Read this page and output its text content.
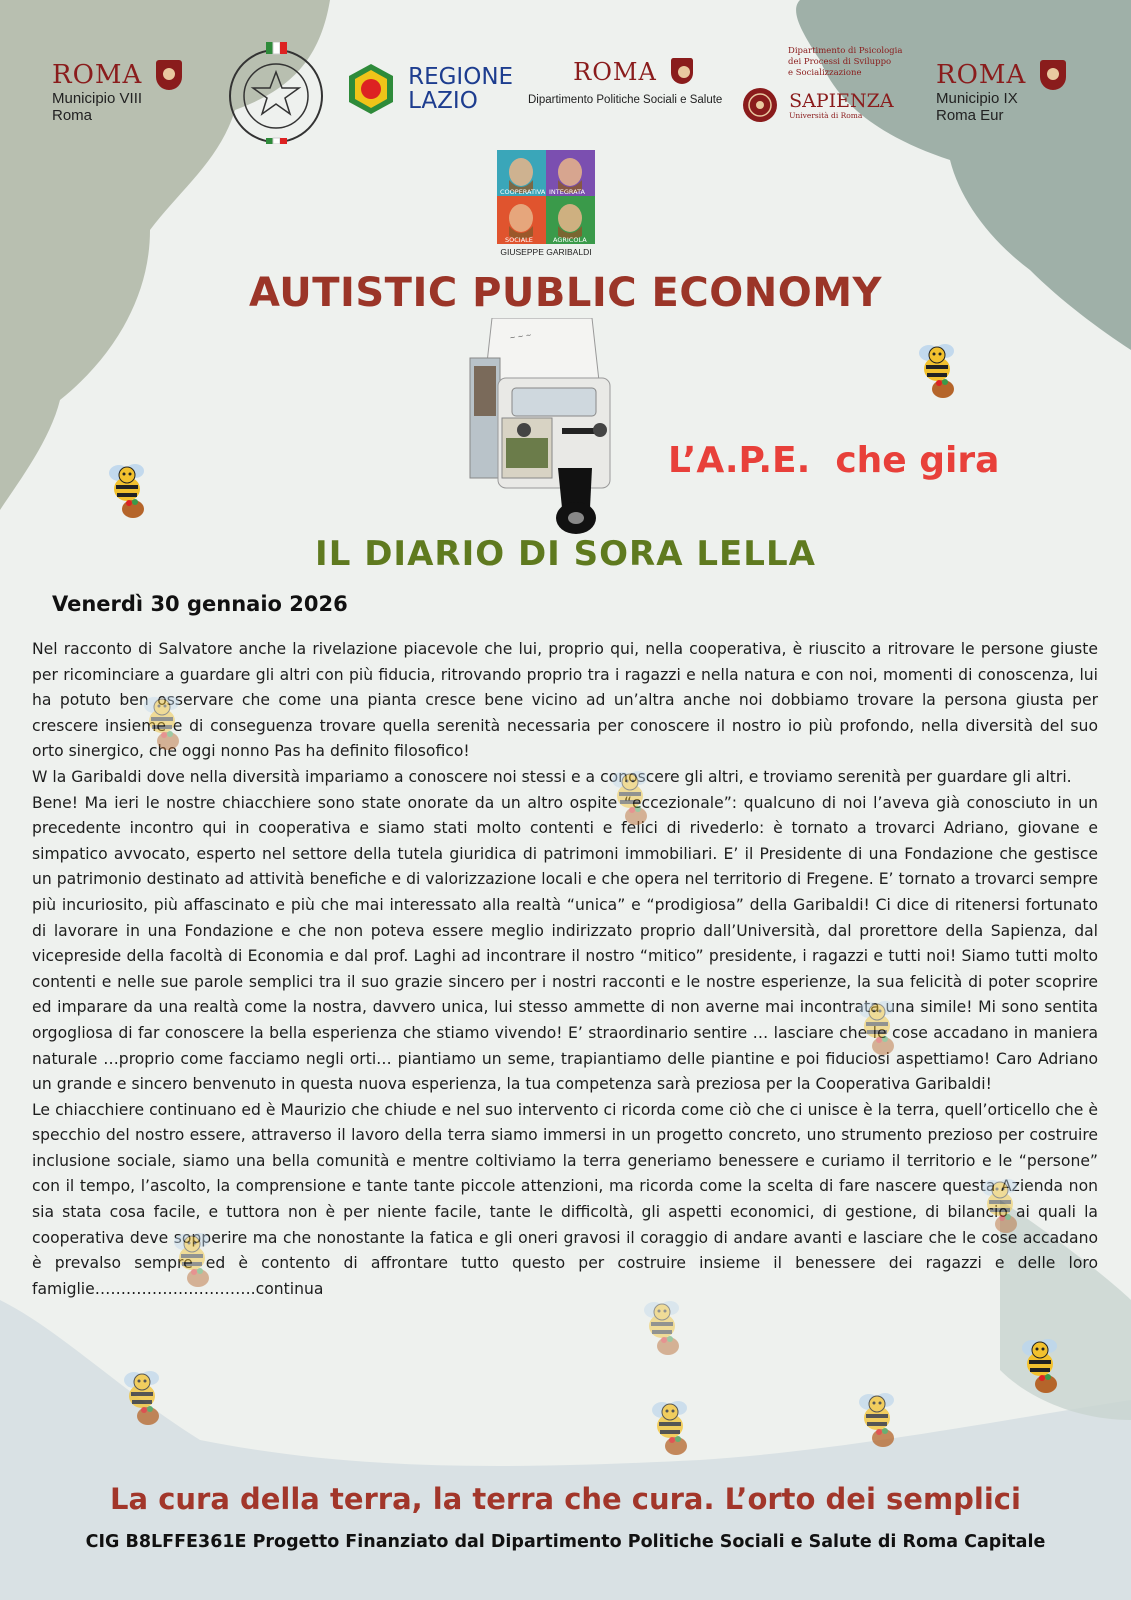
ROMA
Municipio VIII
Roma

REGIONE
LAZIO
ROMA
Dipartimento Politiche Sociali e Salute
Dipartimento di Psicologia
dei Processi di Sviluppo
e Socializzazione

SAPIENZA
Università di Roma
ROMA
Municipio IX
Roma Eur
COOPERATIVA INTEGRATA
SOCIALE	AGRICOLA
GIUSEPPE GARIBALDI
AUTISTIC PUBLIC ECONOMY
~ ~ ~
L’A.P.E.  che gira
IL DIARIO DI SORA LELLA
Venerdì 30 gennaio 2026

Nel racconto di Salvatore anche la rivelazione piacevole che lui, proprio qui, nella cooperativa, è riuscito a ritrovare le persone giuste per ricominciare a guardare gli altri con più fiducia, ritrovando proprio tra i ragazzi e nella natura e con noi, momenti di conoscenza, lui ha potuto ben osservare che come una pianta cresce bene vicino ad un’altra anche noi dobbiamo trovare la persona giusta per crescere insieme e di conseguenza trovare quella serenità necessaria per conoscere il nostro io più profondo, nella diversità del suo orto sinergico, che oggi nonno Pas ha definito filosofico!

W la Garibaldi dove nella diversità impariamo a conoscere noi stessi e a conoscere gli altri, e troviamo serenità per guardare gli altri.

Bene! Ma ieri le nostre chiacchiere sono state onorate da un altro ospite “eccezionale”: qualcuno di noi l’aveva già conosciuto in un precedente incontro qui in cooperativa e siamo stati molto contenti e felici di rivederlo: è tornato a trovarci Adriano, giovane e simpatico avvocato, esperto nel settore della tutela giuridica di patrimoni immobiliari. E’ il Presidente di una Fondazione che gestisce un patrimonio destinato ad attività benefiche e di valorizzazione locali e che opera nel territorio di Fregene. E’ tornato a trovarci sempre più incuriosito, più affascinato e più che mai interessato alla realtà “unica” e “prodigiosa” della Garibaldi! Ci dice di ritenersi fortunato di lavorare in una Fondazione e che non poteva essere meglio indirizzato proprio dall’Università, dal prorettore della Sapienza, dal vicepreside della facoltà di Economia e dal prof. Laghi ad incontrare il nostro “mitico” presidente, i ragazzi e tutti noi! Siamo tutti molto contenti e nelle sue parole semplici tra il suo grazie sincero per i nostri racconti e le nostre esperienze, la sua felicità di poter scoprire ed imparare da una realtà come la nostra, davvero unica, lui stesso ammette di non averne mai incontrata una simile! Mi sono sentita orgogliosa di far conoscere la bella esperienza che stiamo vivendo! E’ straordinario sentire … lasciare che le cose accadano in maniera naturale …proprio come facciamo negli orti… piantiamo un seme, trapiantiamo delle piantine e poi fiduciosi aspettiamo! Caro Adriano un grande e sincero benvenuto in questa nuova esperienza, la tua competenza sarà preziosa per la Cooperativa Garibaldi!

Le chiacchiere continuano ed è Maurizio che chiude e nel suo intervento ci ricorda come ciò che ci unisce è la terra, quell’orticello che è specchio del nostro essere, attraverso il lavoro della terra siamo immersi in un progetto concreto, uno strumento prezioso per costruire inclusione sociale, siamo una bella comunità e mentre coltiviamo la terra generiamo benessere e curiamo il territorio e le “persone” con il tempo, l’ascolto, la comprensione e tante tante piccole attenzioni, ma ricorda come la scelta di fare nascere questa Azienda non sia stata cosa facile, e tuttora non è per niente facile, tante le difficoltà, gli aspetti economici, di gestione, di bilancio ai quali la cooperativa deve sopperire ma che nonostante la fatica e gli oneri gravosi il coraggio di andare avanti e lasciare che le cose accadano è prevalso sempre ed è contento di affrontare tutto questo per costruire insieme il benessere dei ragazzi e delle loro famiglie………………………….continua

La cura della terra, la terra che cura. L’orto dei semplici
CIG B8LFFE361E Progetto Finanziato dal Dipartimento Politiche Sociali e Salute di Roma Capitale
